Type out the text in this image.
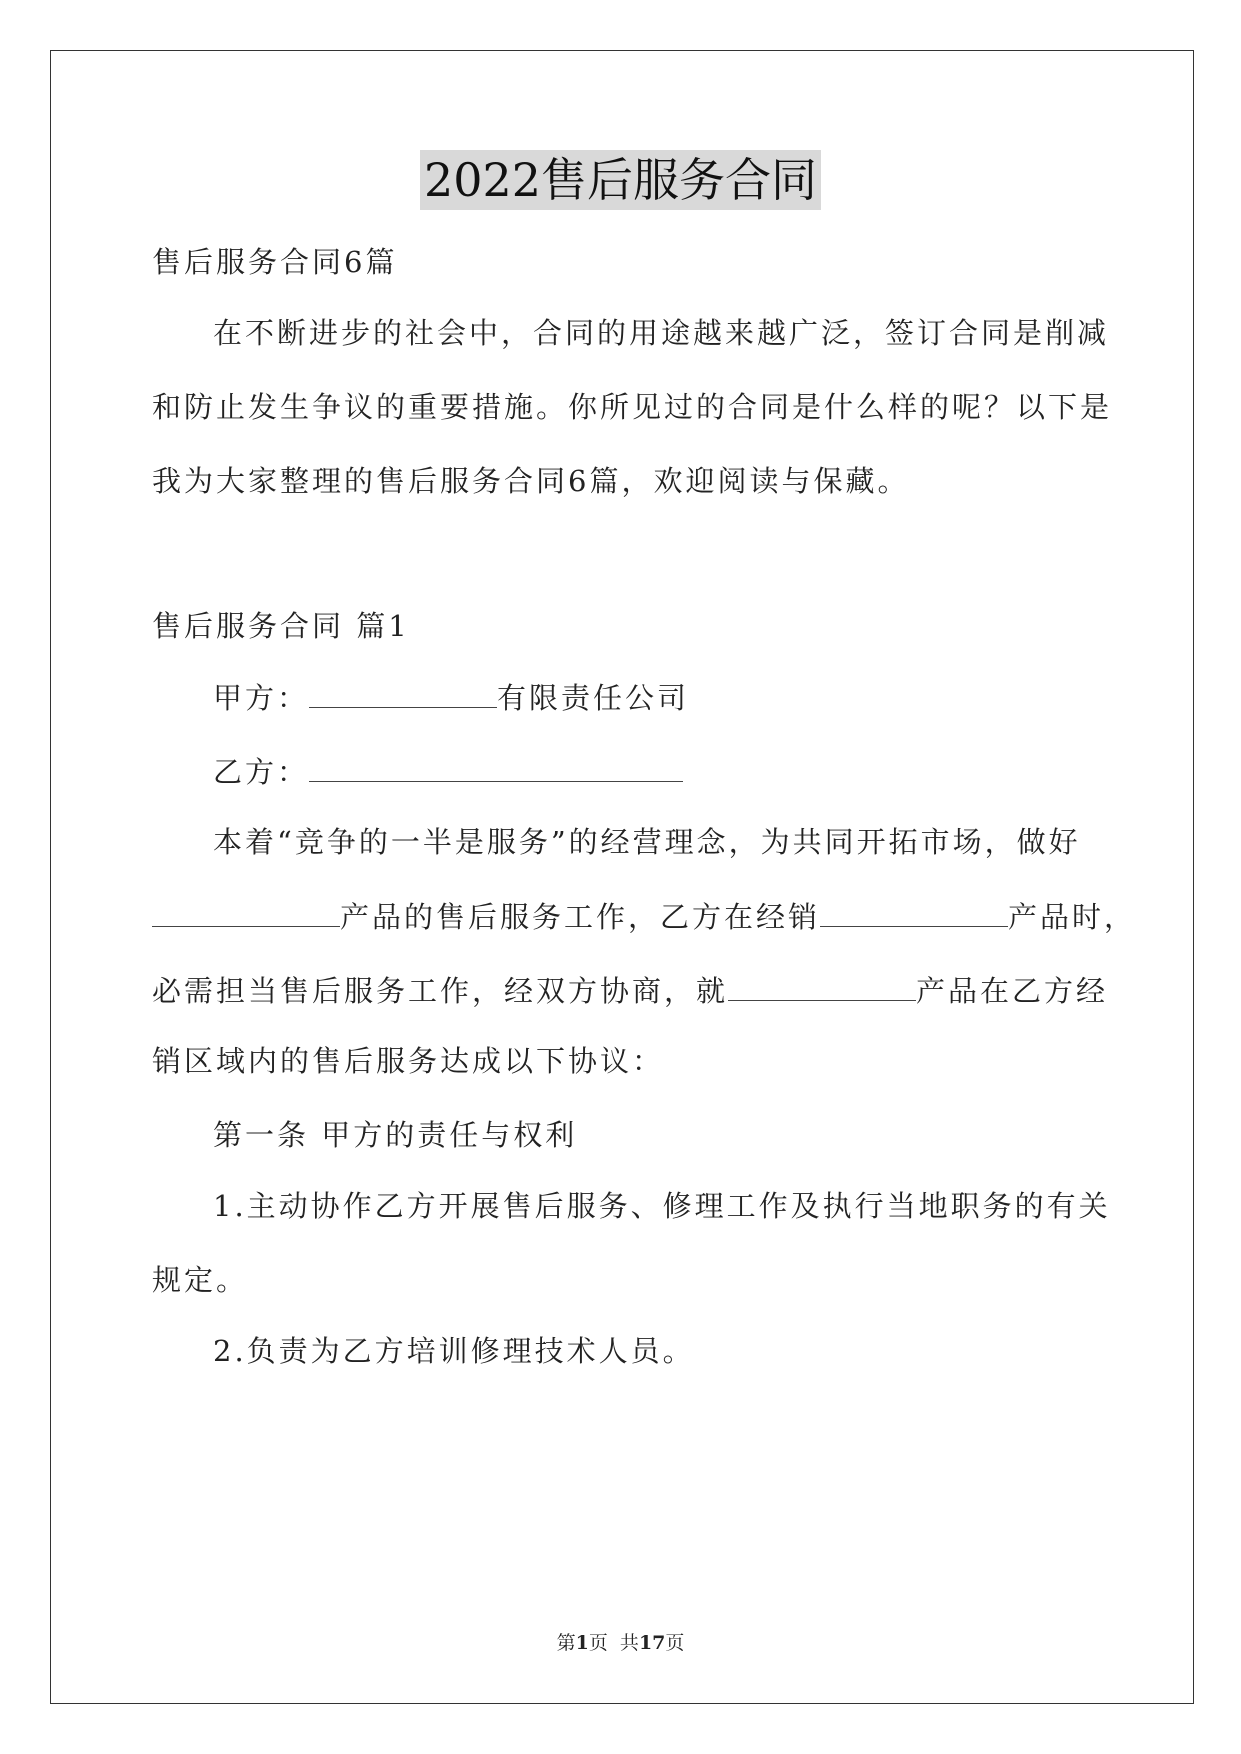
2022售后服务合同
售后服务合同6篇
在不断进步的社会中，合同的用途越来越广泛，签订合同是削减
和防止发生争议的重要措施。你所见过的合同是什么样的呢？以下是
我为大家整理的售后服务合同6篇，欢迎阅读与保藏。
售后服务合同 篇1
甲方：	有限责任公司
乙方：
本着“竞争的一半是服务”的经营理念，为共同开拓市场，做好
产品的售后服务工作，乙方在经销	产品时，
必需担当售后服务工作，经双方协商，就	产品在乙方经
销区域内的售后服务达成以下协议：
第一条 甲方的责任与权利
1.主动协作乙方开展售后服务、修理工作及执行当地职务的有关
规定。
2.负责为乙方培训修理技术人员。
第1页  共17页
